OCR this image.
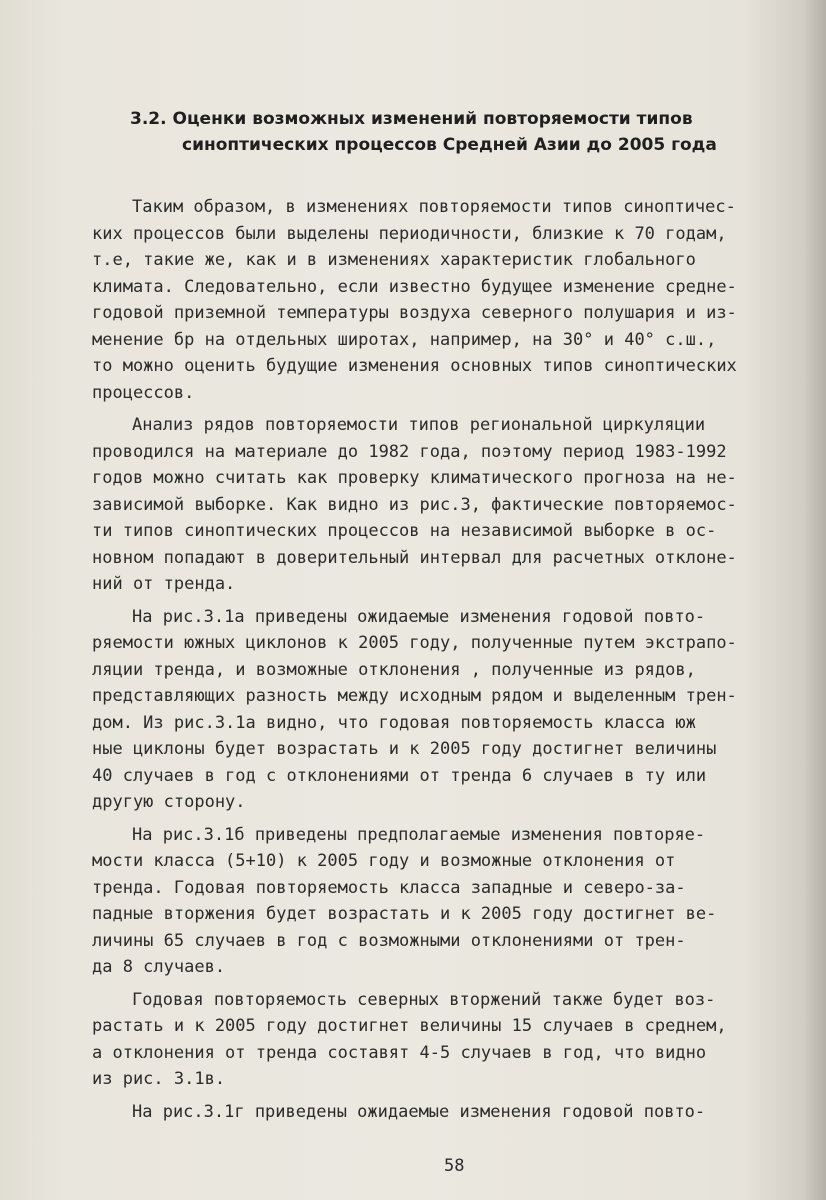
3.2. Оценки возможных изменений повторяемости типов
синоптических процессов Средней Азии до 2005 года
Таким образом, в изменениях повторяемости типов синоптичес-
ких процессов были выделены периодичности, близкие к 70 годам,
т.е, такие же, как и в изменениях характеристик глобального
климата. Следовательно, если известно будущее изменение средне-
годовой приземной температуры воздуха северного полушария и из-
менение бр на отдельных широтах, например, на 30° и 40° с.ш.,
то можно оценить будущие изменения основных типов синоптических
процессов.
Анализ рядов повторяемости типов региональной циркуляции
проводился на материале до 1982 года, поэтому период 1983-1992
годов можно считать как проверку климатического прогноза на не-
зависимой выборке. Как видно из рис.3, фактические повторяемос-
ти типов синоптических процессов на независимой выборке в ос-
новном попадают в доверительный интервал для расчетных отклоне-
ний от тренда.
На рис.3.1а приведены ожидаемые изменения годовой повто-
ряемости южных циклонов к 2005 году, полученные путем экстрапо-
ляции тренда, и возможные отклонения , полученные из рядов,
представляющих разность между исходным рядом и выделенным трен-
дом. Из рис.3.1а видно, что годовая повторяемость класса юж
ные циклоны будет возрастать и к 2005 году достигнет величины
40 случаев в год с отклонениями от тренда 6 случаев в ту или
другую сторону.
На рис.3.1б приведены предполагаемые изменения повторяе-
мости класса (5+10) к 2005 году и возможные отклонения от
тренда. Годовая повторяемость класса западные и северо-за-
падные вторжения будет возрастать и к 2005 году достигнет ве-
личины 65 случаев в год с возможными отклонениями от трен-
да 8 случаев.
Годовая повторяемость северных вторжений также будет воз-
растать и к 2005 году достигнет величины 15 случаев в среднем,
а отклонения от тренда составят 4-5 случаев в год, что видно
из рис. 3.1в.
На рис.3.1г приведены ожидаемые изменения годовой повто-
58
